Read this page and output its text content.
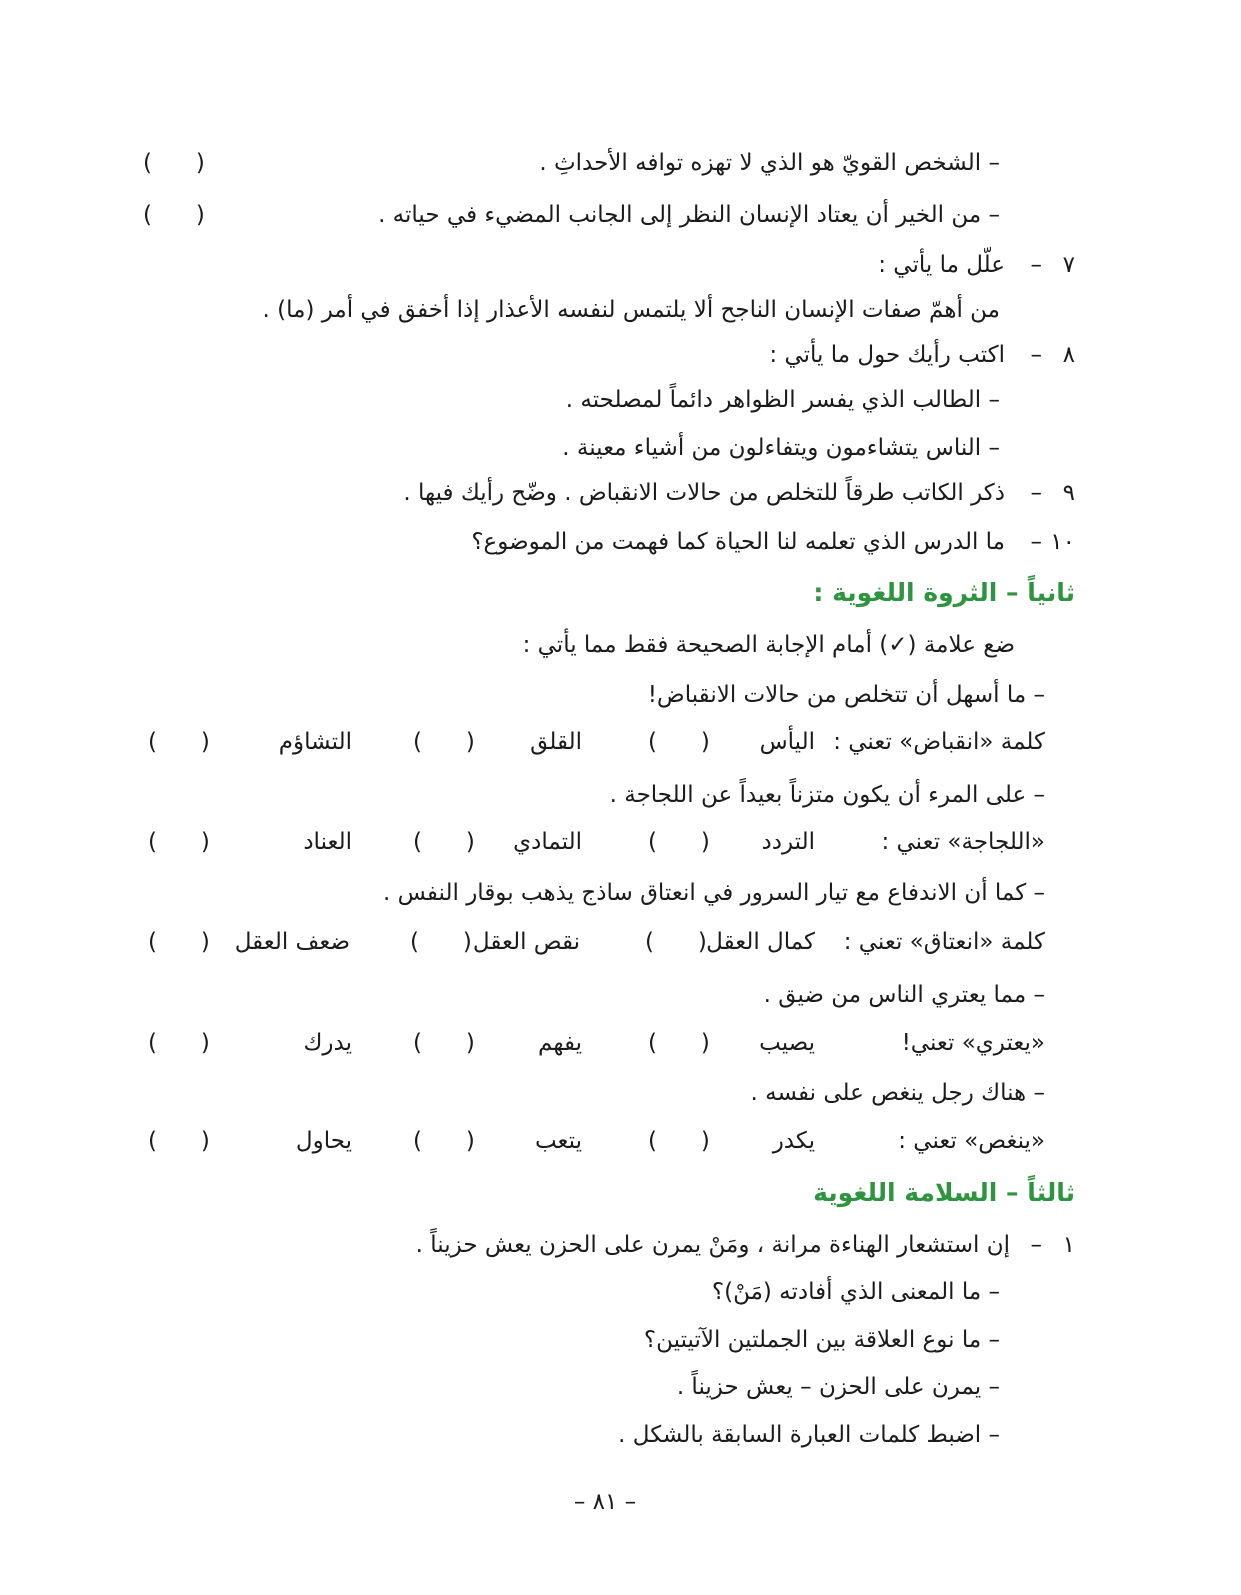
– الشخص القويّ هو الذي لا تهزه توافه الأحداثِ .
(      )
– من الخير أن يعتاد الإنسان النظر إلى الجانب المضيء في حياته .
(      )
٧
–
علّل ما يأتي :
من أهمّ صفات الإنسان الناجح ألا يلتمس لنفسه الأعذار إذا أخفق في أمر (ما) .
٨
–
اكتب رأيك حول ما يأتي :
– الطالب الذي يفسر الظواهر دائماً لمصلحته .
– الناس يتشاءمون ويتفاءلون من أشياء معينة .
٩
–
ذكر الكاتب طرقاً للتخلص من حالات الانقباض . وضّح رأيك فيها .
١٠
–
ما الدرس الذي تعلمه لنا الحياة كما فهمت من الموضوع؟
ثانياً – الثروة اللغوية :
ضع علامة (✓) أمام الإجابة الصحيحة فقط مما يأتي :
– ما أسهل أن تتخلص من حالات الانقباض!
كلمة «انقباض» تعني :
اليأس
(      )
القلق
(      )
التشاؤم
(      )
– على المرء أن يكون متزناً بعيداً عن اللجاجة .
«اللجاجة» تعني :
التردد
(      )
التمادي
(      )
العناد
(      )
– كما أن الاندفاع مع تيار السرور في انعتاق ساذج يذهب بوقار النفس .
كلمة «انعتاق» تعني :
كمال العقل
(      )
نقص العقل
(      )
ضعف العقل
(      )
– مما يعتري الناس من ضيق .
«يعتري» تعني!
يصيب
(      )
يفهم
(      )
يدرك
(      )
– هناك رجل ينغص على نفسه .
«ينغص» تعني :
يكدر
(      )
يتعب
(      )
يحاول
(      )
ثالثاً – السلامة اللغوية
١
–
إن استشعار الهناءة مرانة ، ومَنْ يمرن على الحزن يعش حزيناً .
– ما المعنى الذي أفادته (مَنْ)؟
– ما نوع العلاقة بين الجملتين الآتيتين؟
– يمرن على الحزن – يعش حزيناً .
– اضبط كلمات العبارة السابقة بالشكل .
– ٨١ –
